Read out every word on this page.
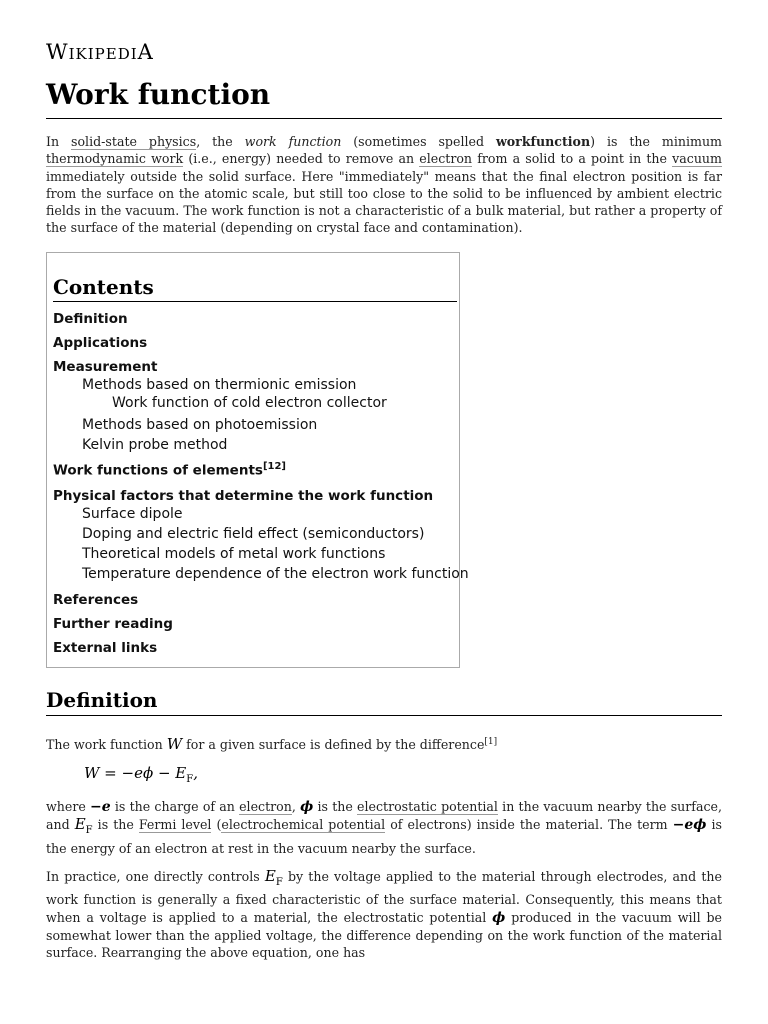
WIKIPEDIA
Work function

In solid-state physics, the work function (sometimes spelled workfunction) is the minimum thermodynamic work (i.e., energy) needed to remove an electron from a solid to a point in the vacuum immediately outside the solid surface. Here "immediately" means that the final electron position is far from the surface on the atomic scale, but still too close to the solid to be influenced by ambient electric fields in the vacuum. The work function is not a characteristic of a bulk material, but rather a property of the surface of the material (depending on crystal face and contamination).

Contents
Definition
Applications
Measurement
Methods based on thermionic emission
Work function of cold electron collector
Methods based on photoemission
Kelvin probe method
Work functions of elements[12]
Physical factors that determine the work function
Surface dipole
Doping and electric field effect (semiconductors)
Theoretical models of metal work functions
Temperature dependence of the electron work function
References
Further reading
External links
Definition

The work function W for a given surface is defined by the difference[1]

$W = -e\phi - E_F$,

where −e is the charge of an electron, ϕ is the electrostatic potential in the vacuum nearby the surface, and $E_F$ is the Fermi level (electrochemical potential of electrons) inside the material. The term −eϕ is the energy of an electron at rest in the vacuum nearby the surface.

In practice, one directly controls $E_F$ by the voltage applied to the material through electrodes, and the work function is generally a fixed characteristic of the surface material. Consequently, this means that when a voltage is applied to a material, the electrostatic potential ϕ produced in the vacuum will be somewhat lower than the applied voltage, the difference depending on the work function of the material surface. Rearranging the above equation, one has
